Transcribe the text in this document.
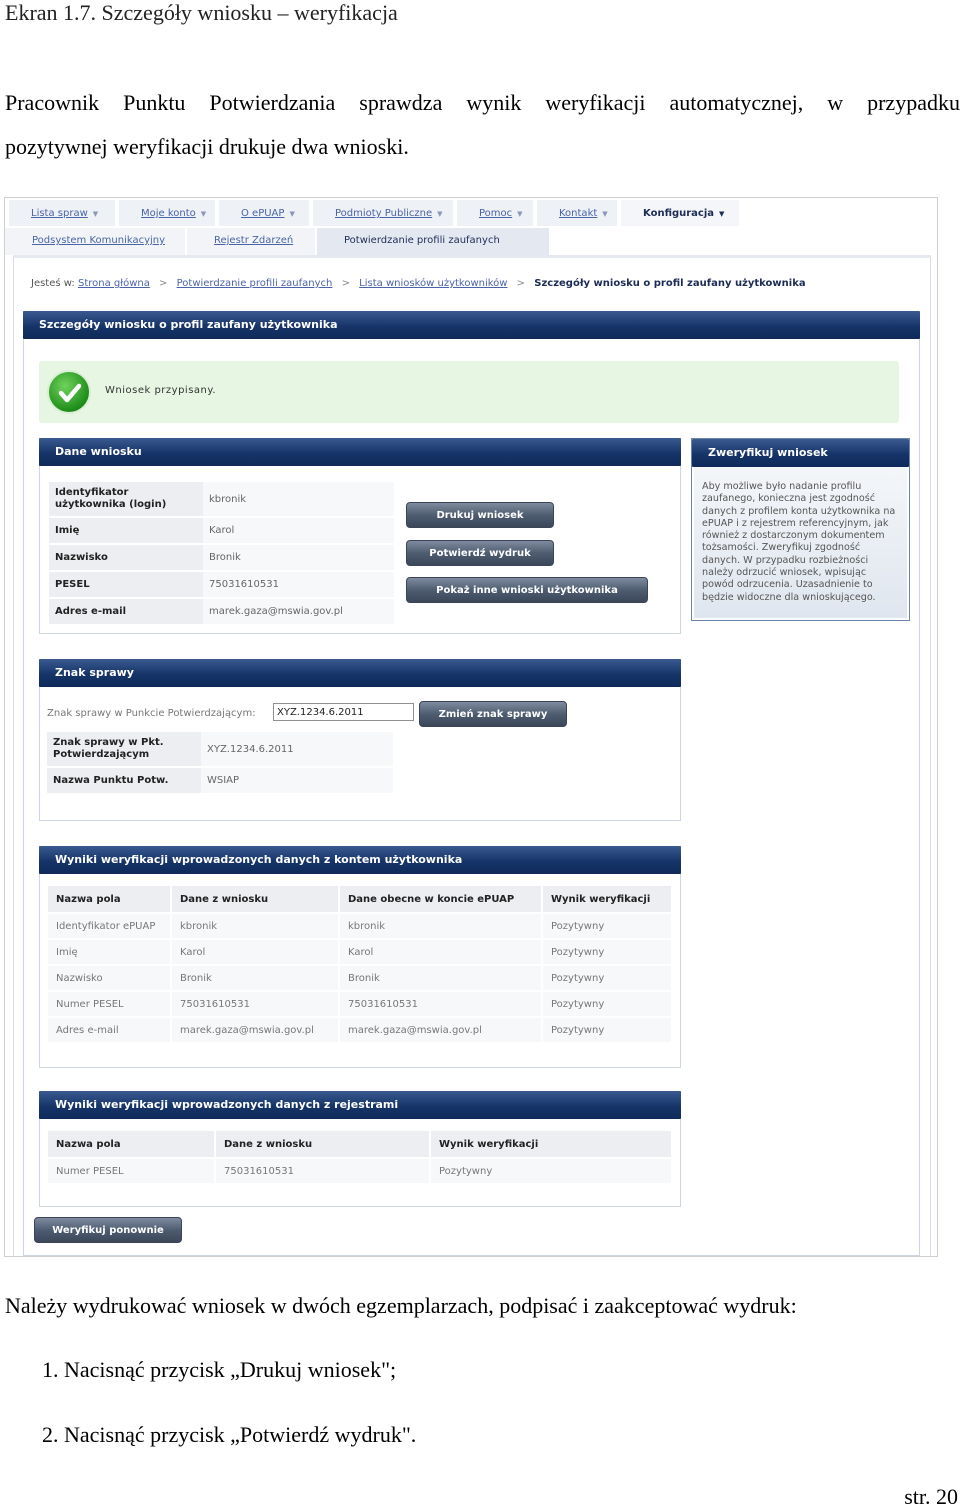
Ekran 1.7. Szczegóły wniosku – weryfikacja
Pracownik Punktu Potwierdzania sprawdza wynik weryfikacji automatycznej, w przypadku
pozytywnej weryfikacji drukuje dwa wnioski.
Lista spraw ▼	Moje konto ▼	O ePUAP ▼	Podmioty Publiczne ▼	Pomoc ▼	Kontakt ▼	Konfiguracja ▼
Podsystem Komunikacyjny	Rejestr Zdarzeń	Potwierdzanie profili zaufanych
Jesteś w: Strona główna > Potwierdzanie profili zaufanych > Lista wniosków użytkowników > Szczegóły wniosku o profil zaufany użytkownika
Szczegóły wniosku o profil zaufany użytkownika
Wniosek przypisany.
Dane wniosku
Identyfikator użytkownika (login)	kbronik
Imię	Karol
Nazwisko	Bronik
PESEL	75031610531
Adres e-mail	marek.gaza@mswia.gov.pl
Drukuj wniosek
Potwierdź wydruk
Pokaż inne wnioski użytkownika
Zweryfikuj wniosek
Aby możliwe było nadanie profilu zaufanego, konieczna jest zgodność danych z profilem konta użytkownika na ePUAP i z rejestrem referencyjnym, jak również z dostarczonym dokumentem tożsamości. Zweryfikuj zgodność danych. W przypadku rozbieżności należy odrzucić wniosek, wpisując powód odrzucenia. Uzasadnienie to będzie widoczne dla wnioskującego.
Znak sprawy
Znak sprawy w Punkcie Potwierdzającym:
XYZ.1234.6.2011	Zmień znak sprawy
Znak sprawy w Pkt. Potwierdzającym	XYZ.1234.6.2011
Nazwa Punktu Potw.	WSIAP
Wyniki weryfikacji wprowadzonych danych z kontem użytkownika
Nazwa pola	Dane z wniosku	Dane obecne w koncie ePUAP	Wynik weryfikacji
Identyfikator ePUAP	kbronik	kbronik	Pozytywny
Imię	Karol	Karol	Pozytywny
Nazwisko	Bronik	Bronik	Pozytywny
Numer PESEL	75031610531	75031610531	Pozytywny
Adres e-mail	marek.gaza@mswia.gov.pl	marek.gaza@mswia.gov.pl	Pozytywny
Wyniki weryfikacji wprowadzonych danych z rejestrami
Nazwa pola	Dane z wniosku	Wynik weryfikacji
Numer PESEL	75031610531	Pozytywny
Weryfikuj ponownie
Należy wydrukować wniosek w dwóch egzemplarzach, podpisać i zaakceptować wydruk:
1. Nacisnąć przycisk „Drukuj wniosek";
2. Nacisnąć przycisk „Potwierdź wydruk".
str. 20
